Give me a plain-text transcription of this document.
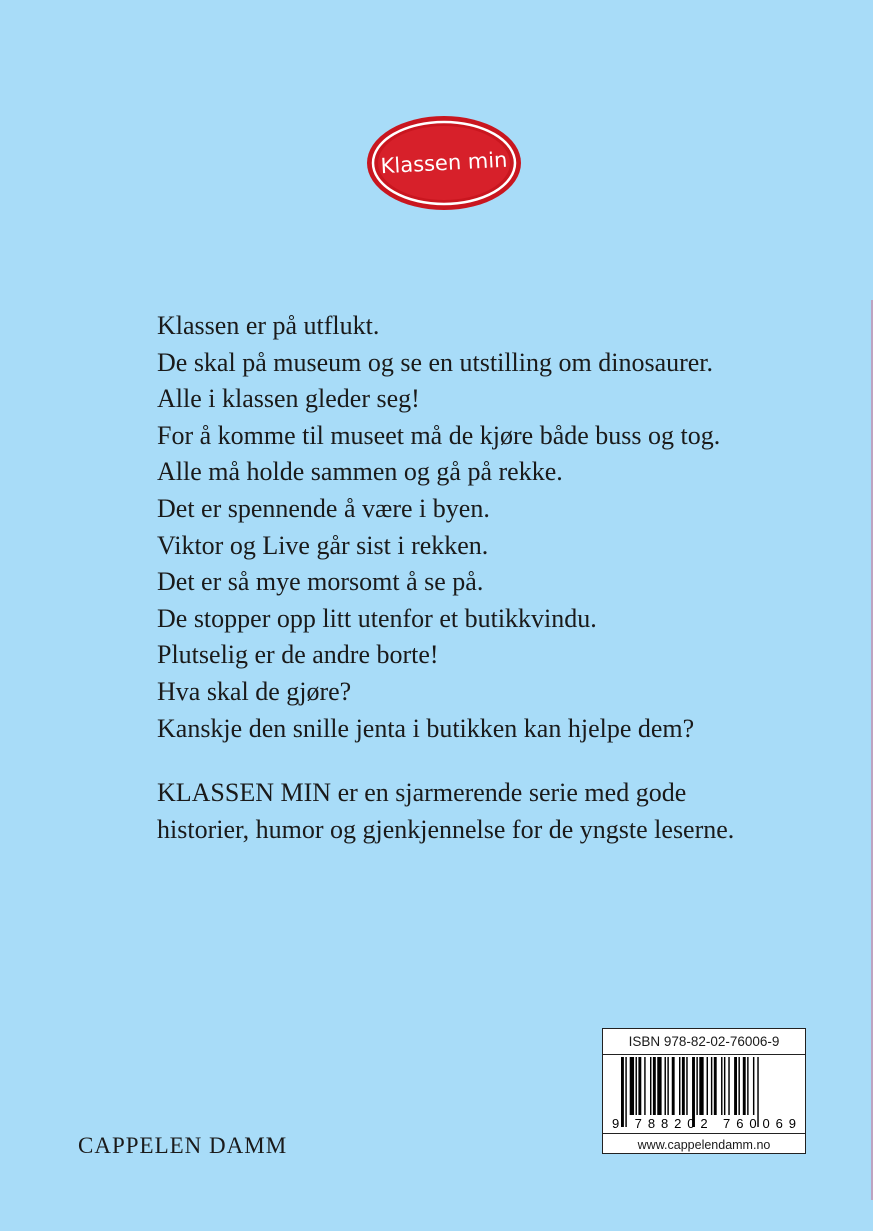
Klassen min
Klassen er på utflukt.
De skal på museum og se en utstilling om dinosaurer.
Alle i klassen gleder seg!
For å komme til museet må de kjøre både buss og tog.
Alle må holde sammen og gå på rekke.
Det er spennende å være i byen.
Viktor og Live går sist i rekken.
Det er så mye morsomt å se på.
De stopper opp litt utenfor et butikkvindu.
Plutselig er de andre borte!
Hva skal de gjøre?
Kanskje den snille jenta i butikken kan hjelpe dem?
KLASSEN MIN er en sjarmerende serie med gode
historier, humor og gjenkjennelse for de yngste leserne.
CAPPELEN DAMM
ISBN 978-82-02-76006-9
9 788202 760069
www.cappelendamm.no
